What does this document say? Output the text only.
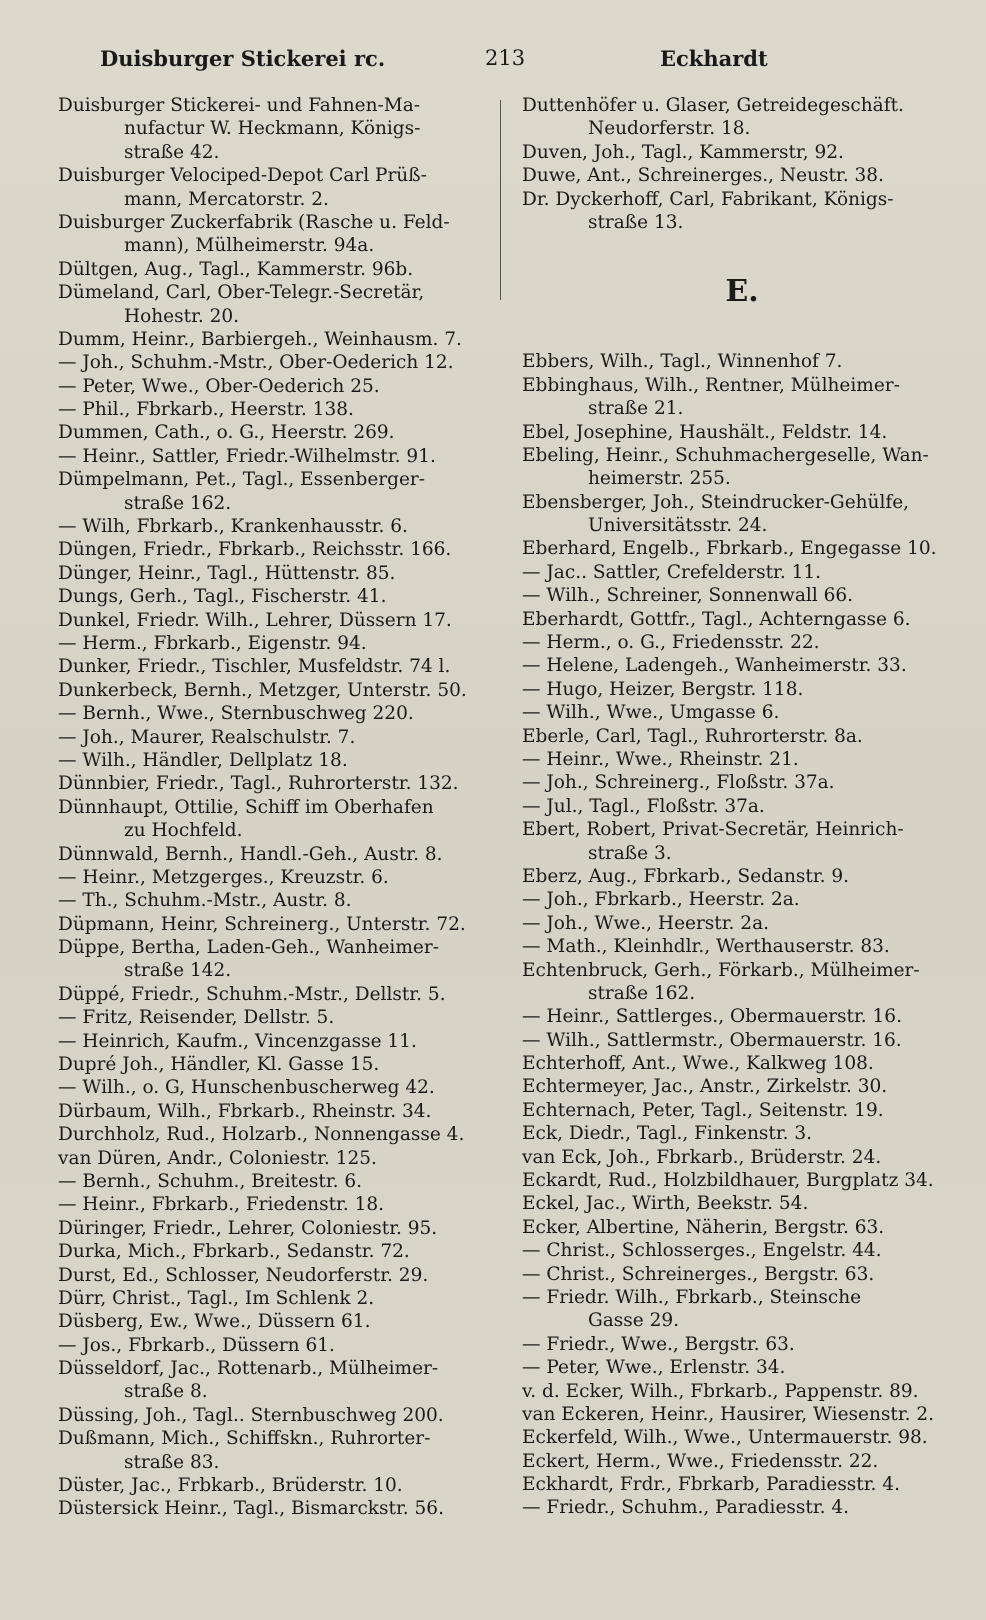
Duisburger Stickerei rc.	213	Eckhardt
Duisburger Stickerei- und Fahnen-Ma-
nufactur W. Heckmann, Königs-
straße 42.
Duisburger Velociped-Depot Carl Prüß-
mann, Mercatorstr. 2.
Duisburger Zuckerfabrik (Rasche u. Feld-
mann), Mülheimerstr. 94a.
Dültgen, Aug., Tagl., Kammerstr. 96b.
Dümeland, Carl, Ober-Telegr.-Secretär,
Hohestr. 20.
Dumm, Heinr., Barbiergeh., Weinhausm. 7.
— Joh., Schuhm.-Mstr., Ober-Oederich 12.
— Peter, Wwe., Ober-Oederich 25.
— Phil., Fbrkarb., Heerstr. 138.
Dummen, Cath., o. G., Heerstr. 269.
— Heinr., Sattler, Friedr.-Wilhelmstr. 91.
Dümpelmann, Pet., Tagl., Essenberger-
straße 162.
— Wilh, Fbrkarb., Krankenhausstr. 6.
Düngen, Friedr., Fbrkarb., Reichsstr. 166.
Dünger, Heinr., Tagl., Hüttenstr. 85.
Dungs, Gerh., Tagl., Fischerstr. 41.
Dunkel, Friedr. Wilh., Lehrer, Düssern 17.
— Herm., Fbrkarb., Eigenstr. 94.
Dunker, Friedr., Tischler, Musfeldstr. 74 l.
Dunkerbeck, Bernh., Metzger, Unterstr. 50.
— Bernh., Wwe., Sternbuschweg 220.
— Joh., Maurer, Realschulstr. 7.
— Wilh., Händler, Dellplatz 18.
Dünnbier, Friedr., Tagl., Ruhrorterstr. 132.
Dünnhaupt, Ottilie, Schiff im Oberhafen
zu Hochfeld.
Dünnwald, Bernh., Handl.-Geh., Austr. 8.
— Heinr., Metzgerges., Kreuzstr. 6.
— Th., Schuhm.-Mstr., Austr. 8.
Düpmann, Heinr, Schreinerg., Unterstr. 72.
Düppe, Bertha, Laden-Geh., Wanheimer-
straße 142.
Düppé, Friedr., Schuhm.-Mstr., Dellstr. 5.
— Fritz, Reisender, Dellstr. 5.
— Heinrich, Kaufm., Vincenzgasse 11.
Dupré Joh., Händler, Kl. Gasse 15.
— Wilh., o. G, Hunschenbuscherweg 42.
Dürbaum, Wilh., Fbrkarb., Rheinstr. 34.
Durchholz, Rud., Holzarb., Nonnengasse 4.
van Düren, Andr., Coloniestr. 125.
— Bernh., Schuhm., Breitestr. 6.
— Heinr., Fbrkarb., Friedenstr. 18.
Düringer, Friedr., Lehrer, Coloniestr. 95.
Durka, Mich., Fbrkarb., Sedanstr. 72.
Durst, Ed., Schlosser, Neudorferstr. 29.
Dürr, Christ., Tagl., Im Schlenk 2.
Düsberg, Ew., Wwe., Düssern 61.
— Jos., Fbrkarb., Düssern 61.
Düsseldorf, Jac., Rottenarb., Mülheimer-
straße 8.
Düssing, Joh., Tagl.. Sternbuschweg 200.
Dußmann, Mich., Schiffskn., Ruhrorter-
straße 83.
Düster, Jac., Frbkarb., Brüderstr. 10.
Düstersick Heinr., Tagl., Bismarckstr. 56.
Duttenhöfer u. Glaser, Getreidegeschäft.
Neudorferstr. 18.
Duven, Joh., Tagl., Kammerstr, 92.
Duwe, Ant., Schreinerges., Neustr. 38.
Dr. Dyckerhoff, Carl, Fabrikant, Königs-
straße 13.
E.
Ebbers, Wilh., Tagl., Winnenhof 7.
Ebbinghaus, Wilh., Rentner, Mülheimer-
straße 21.
Ebel, Josephine, Haushält., Feldstr. 14.
Ebeling, Heinr., Schuhmachergeselle, Wan-
heimerstr. 255.
Ebensberger, Joh., Steindrucker-Gehülfe,
Universitätsstr. 24.
Eberhard, Engelb., Fbrkarb., Engegasse 10.
— Jac.. Sattler, Crefelderstr. 11.
— Wilh., Schreiner, Sonnenwall 66.
Eberhardt, Gottfr., Tagl., Achterngasse 6.
— Herm., o. G., Friedensstr. 22.
— Helene, Ladengeh., Wanheimerstr. 33.
— Hugo, Heizer, Bergstr. 118.
— Wilh., Wwe., Umgasse 6.
Eberle, Carl, Tagl., Ruhrorterstr. 8a.
— Heinr., Wwe., Rheinstr. 21.
— Joh., Schreinerg., Floßstr. 37a.
— Jul., Tagl., Floßstr. 37a.
Ebert, Robert, Privat-Secretär, Heinrich-
straße 3.
Eberz, Aug., Fbrkarb., Sedanstr. 9.
— Joh., Fbrkarb., Heerstr. 2a.
— Joh., Wwe., Heerstr. 2a.
— Math., Kleinhdlr., Werthauserstr. 83.
Echtenbruck, Gerh., Förkarb., Mülheimer-
straße 162.
— Heinr., Sattlerges., Obermauerstr. 16.
— Wilh., Sattlermstr., Obermauerstr. 16.
Echterhoff, Ant., Wwe., Kalkweg 108.
Echtermeyer, Jac., Anstr., Zirkelstr. 30.
Echternach, Peter, Tagl., Seitenstr. 19.
Eck, Diedr., Tagl., Finkenstr. 3.
van Eck, Joh., Fbrkarb., Brüderstr. 24.
Eckardt, Rud., Holzbildhauer, Burgplatz 34.
Eckel, Jac., Wirth, Beekstr. 54.
Ecker, Albertine, Näherin, Bergstr. 63.
— Christ., Schlosserges., Engelstr. 44.
— Christ., Schreinerges., Bergstr. 63.
— Friedr. Wilh., Fbrkarb., Steinsche
Gasse 29.
— Friedr., Wwe., Bergstr. 63.
— Peter, Wwe., Erlenstr. 34.
v. d. Ecker, Wilh., Fbrkarb., Pappenstr. 89.
van Eckeren, Heinr., Hausirer, Wiesenstr. 2.
Eckerfeld, Wilh., Wwe., Untermauerstr. 98.
Eckert, Herm., Wwe., Friedensstr. 22.
Eckhardt, Frdr., Fbrkarb, Paradiesstr. 4.
— Friedr., Schuhm., Paradiesstr. 4.
